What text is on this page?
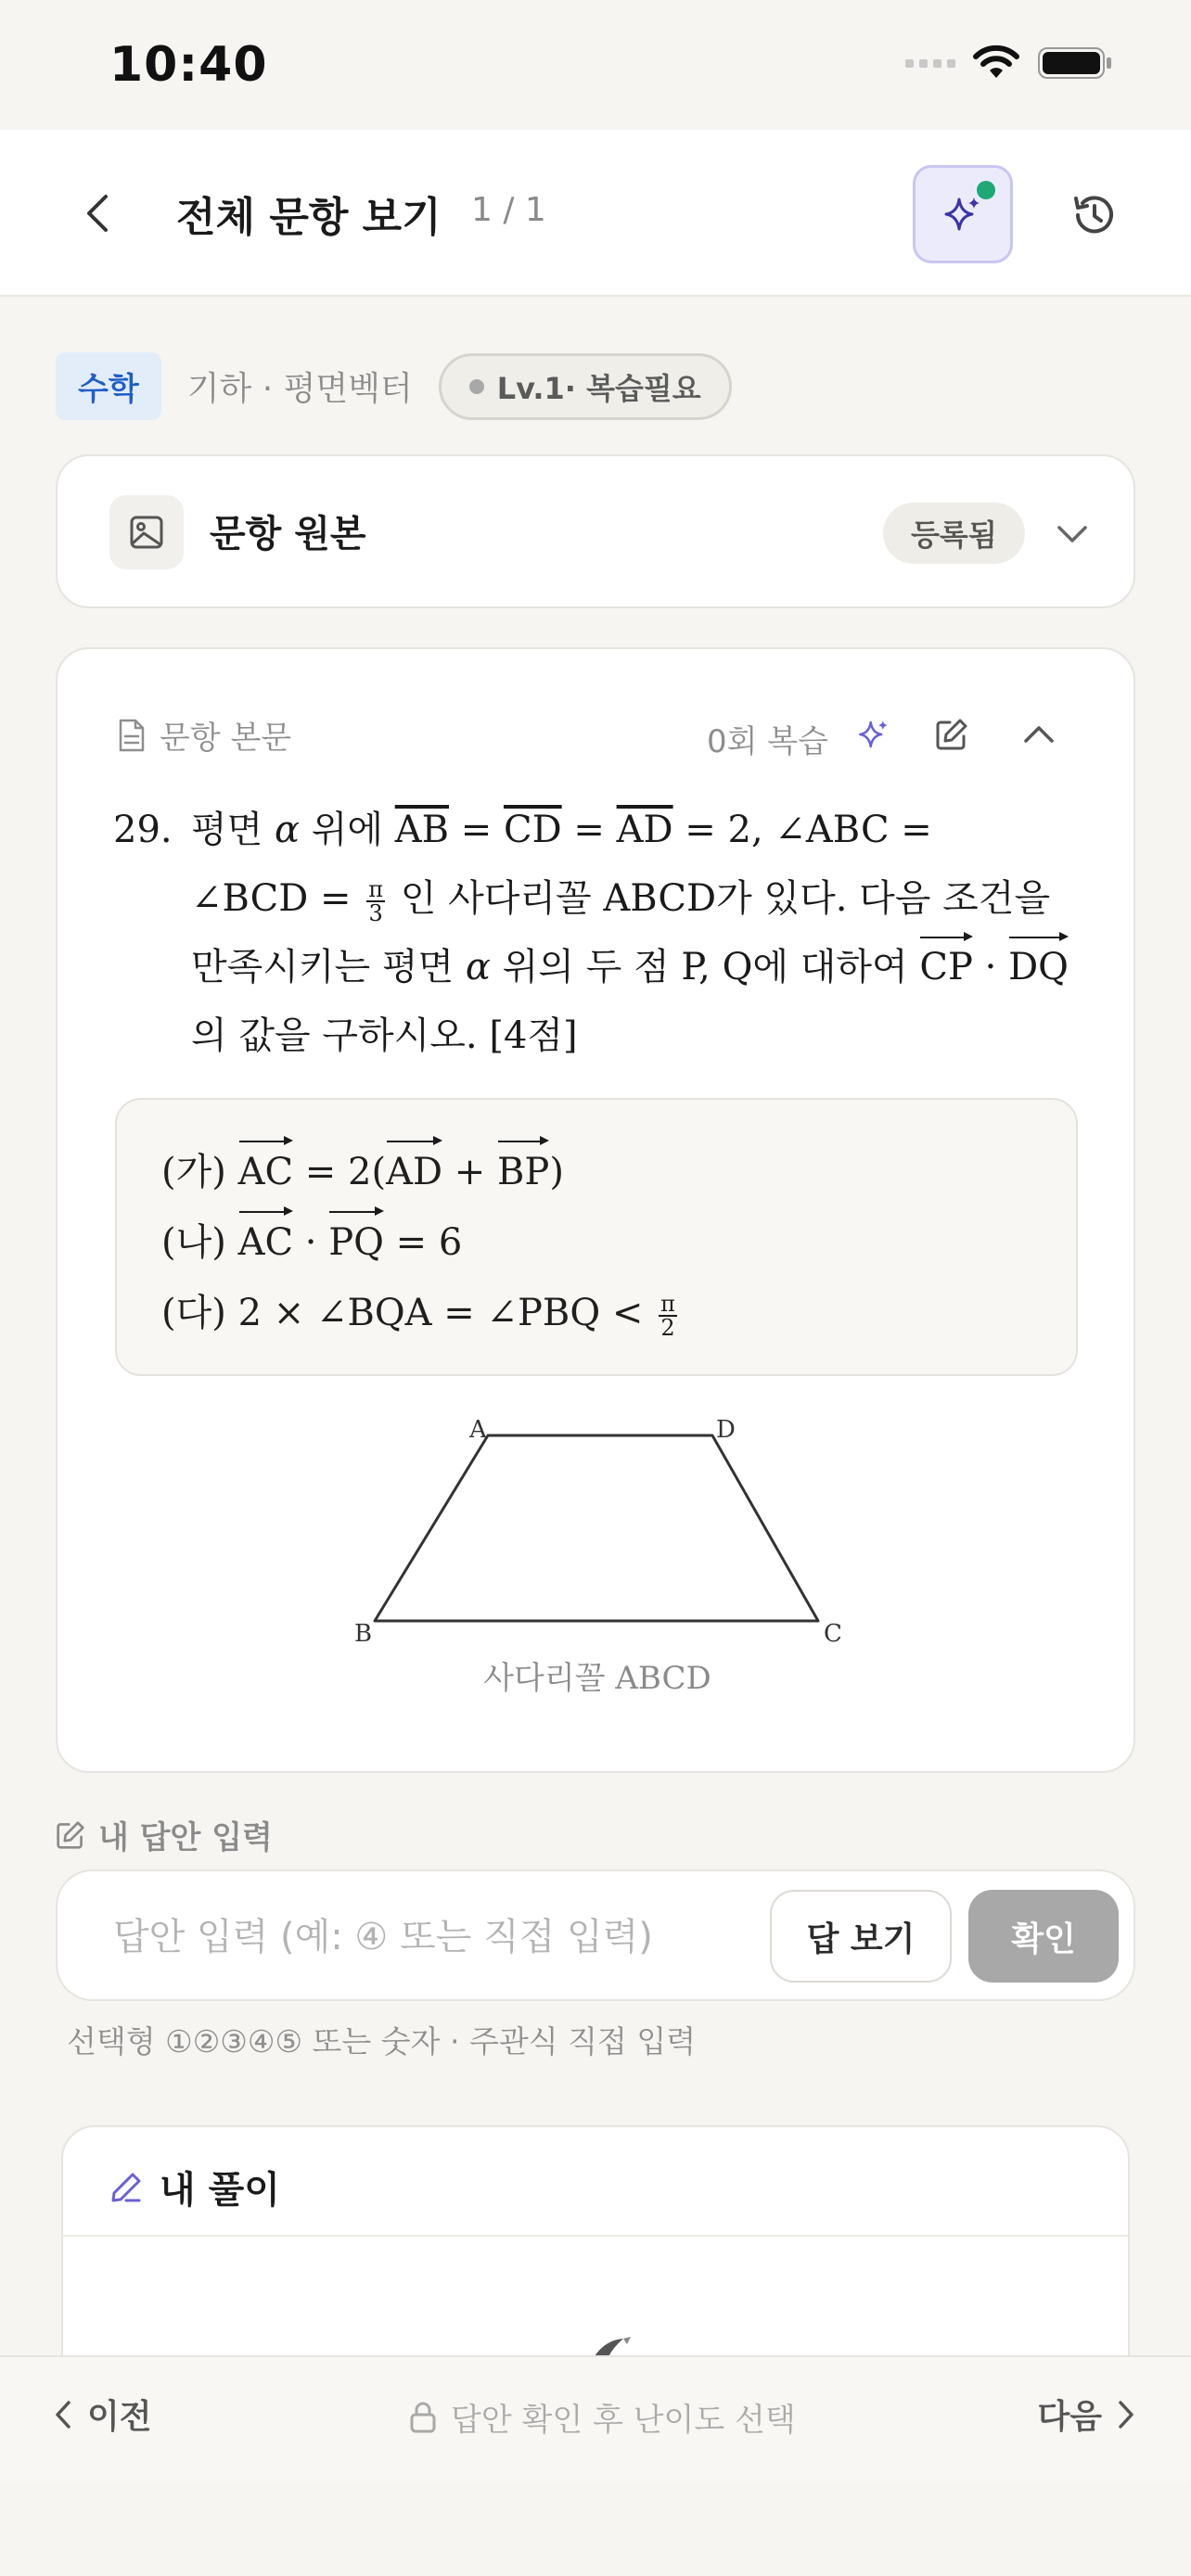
10:40
전체 문항 보기 1 / 1
수학	기하 · 평면벡터	Lv.1· 복습필요
문항 원본	등록됨
문항 본문	0회 복습
29. 평면 α 위에 $\overline{AB} = \overline{CD} = \overline{AD} = 2$, ∠ABC =
∠BCD = $\frac{\pi}{3}$ 인 사다리꼴 ABCD가 있다. 다음 조건을
만족시키는 평면 α 위의 두 점 P, Q에 대하여 CP · DQ
의 값을 구하시오. [4점]
(가) AC = 2(AD + BP)
(나) AC · PQ = 6
(다) 2 × ∠BQA = ∠PBQ < $\frac{\pi}{2}$
A	D
B	C
사다리꼴 ABCD
내 답안 입력
답안 입력 (예: ④ 또는 직접 입력)
답 보기	확인
선택형 ①②③④⑤ 또는 숫자 · 주관식 직접 입력
내 풀이
이전	답안 확인 후 난이도 선택	다음
